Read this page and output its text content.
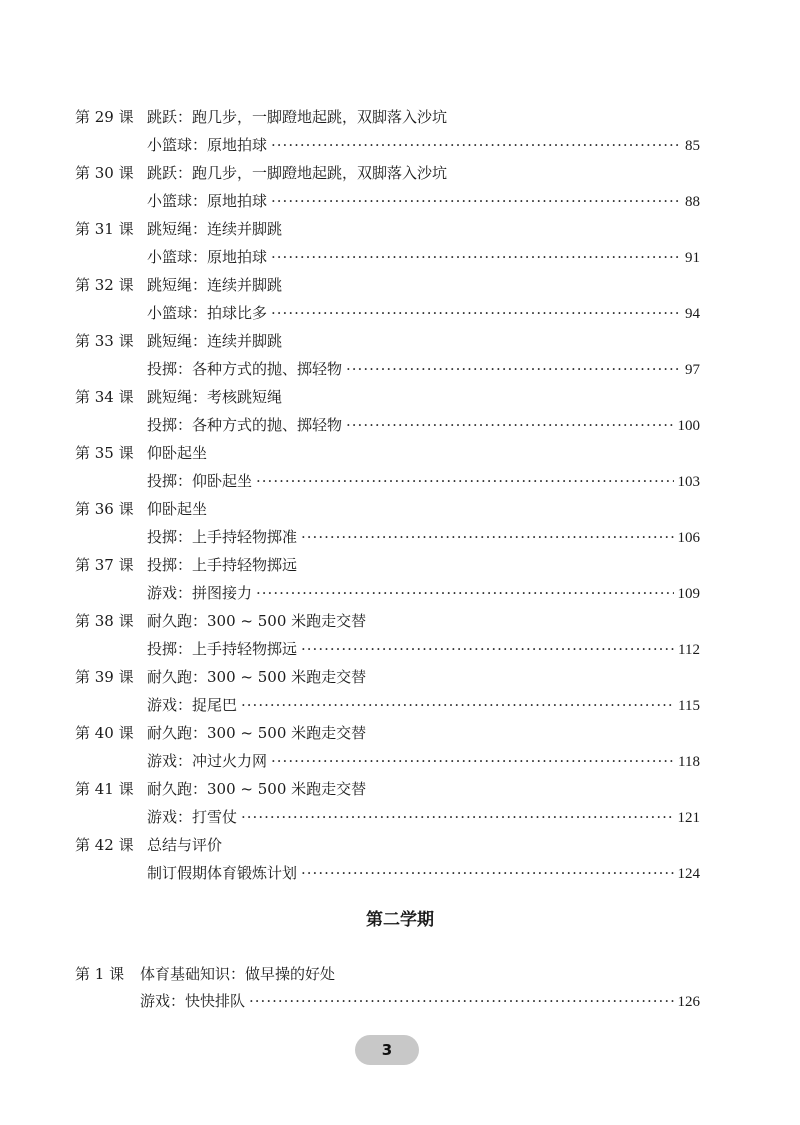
第 29 课 跳跃：跑几步，一脚蹬地起跳，双脚落入沙坑
小篮球：原地拍球 ·····	85
第 30 课 跳跃：跑几步，一脚蹬地起跳，双脚落入沙坑
小篮球：原地拍球 ·····	88
第 31 课 跳短绳：连续并脚跳
小篮球：原地拍球 ·····	91
第 32 课 跳短绳：连续并脚跳
小篮球：拍球比多 ·····	94
第 33 课 跳短绳：连续并脚跳
投掷：各种方式的抛、掷轻物 ·····	97
第 34 课 跳短绳：考核跳短绳
投掷：各种方式的抛、掷轻物 ·····	100
第 35 课 仰卧起坐
投掷：仰卧起坐 ·····	103
第 36 课 仰卧起坐
投掷：上手持轻物掷准 ·····	106
第 37 课 投掷：上手持轻物掷远
游戏：拼图接力 ·····	109
第 38 课 耐久跑：300 ~ 500 米跑走交替
投掷：上手持轻物掷远 ·····	112
第 39 课 耐久跑：300 ~ 500 米跑走交替
游戏：捉尾巴 ·····	115
第 40 课 耐久跑：300 ~ 500 米跑走交替
游戏：冲过火力网 ·····	118
第 41 课 耐久跑：300 ~ 500 米跑走交替
游戏：打雪仗 ·····	121
第 42 课 总结与评价
制订假期体育锻炼计划 ·····	124
第二学期
第 1 课 体育基础知识：做早操的好处
游戏：快快排队 ·····	126
3
